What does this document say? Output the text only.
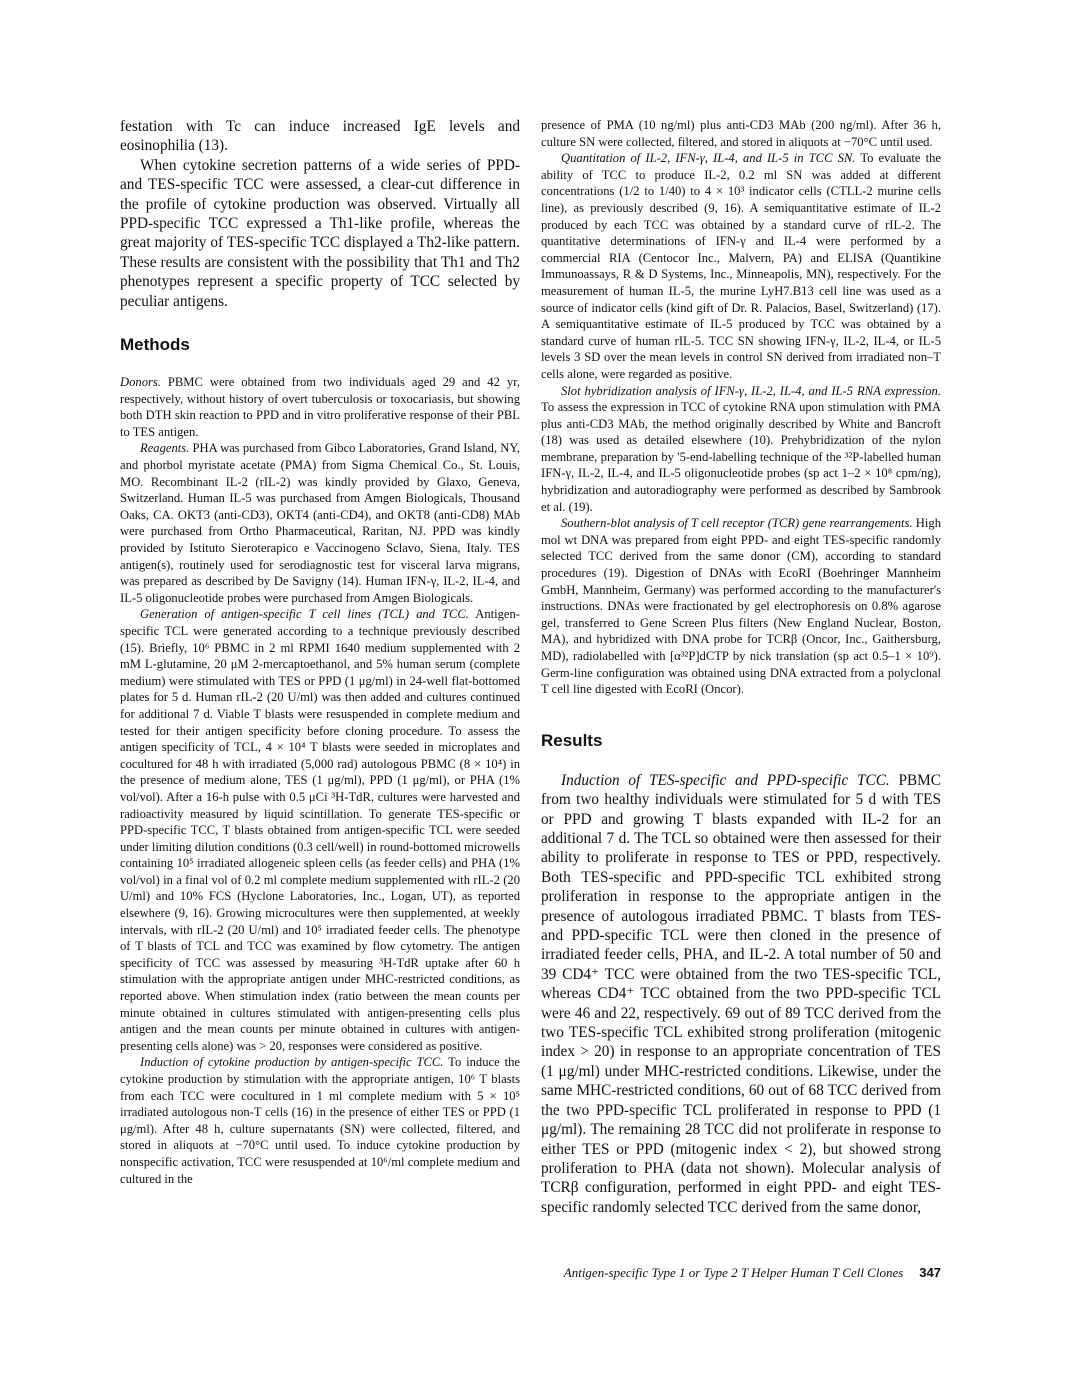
festation with Tc can induce increased IgE levels and eosinophilia (13).

When cytokine secretion patterns of a wide series of PPD- and TES-specific TCC were assessed, a clear-cut difference in the profile of cytokine production was observed. Virtually all PPD-specific TCC expressed a Th1-like profile, whereas the great majority of TES-specific TCC displayed a Th2-like pattern. These results are consistent with the possibility that Th1 and Th2 phenotypes represent a specific property of TCC selected by peculiar antigens.

Methods

Donors. PBMC were obtained from two individuals aged 29 and 42 yr, respectively, without history of overt tuberculosis or toxocariasis, but showing both DTH skin reaction to PPD and in vitro proliferative response of their PBL to TES antigen.

Reagents. PHA was purchased from Gibco Laboratories, Grand Island, NY, and phorbol myristate acetate (PMA) from Sigma Chemical Co., St. Louis, MO. Recombinant IL-2 (rIL-2) was kindly provided by Glaxo, Geneva, Switzerland. Human IL-5 was purchased from Amgen Biologicals, Thousand Oaks, CA. OKT3 (anti-CD3), OKT4 (anti-CD4), and OKT8 (anti-CD8) MAb were purchased from Ortho Pharmaceutical, Raritan, NJ. PPD was kindly provided by Istituto Sieroterapico e Vaccinogeno Sclavo, Siena, Italy. TES antigen(s), routinely used for serodiagnostic test for visceral larva migrans, was prepared as described by De Savigny (14). Human IFN-γ, IL-2, IL-4, and IL-5 oligonucleotide probes were purchased from Amgen Biologicals.

Generation of antigen-specific T cell lines (TCL) and TCC. Antigen-specific TCL were generated according to a technique previously described (15). Briefly, 10⁶ PBMC in 2 ml RPMI 1640 medium supplemented with 2 mM L-glutamine, 20 μM 2-mercaptoethanol, and 5% human serum (complete medium) were stimulated with TES or PPD (1 μg/ml) in 24-well flat-bottomed plates for 5 d. Human rIL-2 (20 U/ml) was then added and cultures continued for additional 7 d. Viable T blasts were resuspended in complete medium and tested for their antigen specificity before cloning procedure. To assess the antigen specificity of TCL, 4 × 10⁴ T blasts were seeded in microplates and cocultured for 48 h with irradiated (5,000 rad) autologous PBMC (8 × 10⁴) in the presence of medium alone, TES (1 μg/ml), PPD (1 μg/ml), or PHA (1% vol/vol). After a 16-h pulse with 0.5 μCi ³H-TdR, cultures were harvested and radioactivity measured by liquid scintillation. To generate TES-specific or PPD-specific TCC, T blasts obtained from antigen-specific TCL were seeded under limiting dilution conditions (0.3 cell/well) in round-bottomed microwells containing 10⁵ irradiated allogeneic spleen cells (as feeder cells) and PHA (1% vol/vol) in a final vol of 0.2 ml complete medium supplemented with rIL-2 (20 U/ml) and 10% FCS (Hyclone Laboratories, Inc., Logan, UT), as reported elsewhere (9, 16). Growing microcultures were then supplemented, at weekly intervals, with rIL-2 (20 U/ml) and 10⁵ irradiated feeder cells. The phenotype of T blasts of TCL and TCC was examined by flow cytometry. The antigen specificity of TCC was assessed by measuring ³H-TdR uptake after 60 h stimulation with the appropriate antigen under MHC-restricted conditions, as reported above. When stimulation index (ratio between the mean counts per minute obtained in cultures stimulated with antigen-presenting cells plus antigen and the mean counts per minute obtained in cultures with antigen-presenting cells alone) was > 20, responses were considered as positive.

Induction of cytokine production by antigen-specific TCC. To induce the cytokine production by stimulation with the appropriate antigen, 10⁶ T blasts from each TCC were cocultured in 1 ml complete medium with 5 × 10⁵ irradiated autologous non-T cells (16) in the presence of either TES or PPD (1 μg/ml). After 48 h, culture supernatants (SN) were collected, filtered, and stored in aliquots at −70°C until used. To induce cytokine production by nonspecific activation, TCC were resuspended at 10⁶/ml complete medium and cultured in the

presence of PMA (10 ng/ml) plus anti-CD3 MAb (200 ng/ml). After 36 h, culture SN were collected, filtered, and stored in aliquots at −70°C until used.

Quantitation of IL-2, IFN-γ, IL-4, and IL-5 in TCC SN. To evaluate the ability of TCC to produce IL-2, 0.2 ml SN was added at different concentrations (1/2 to 1/40) to 4 × 10³ indicator cells (CTLL-2 murine cells line), as previously described (9, 16). A semiquantitative estimate of IL-2 produced by each TCC was obtained by a standard curve of rIL-2. The quantitative determinations of IFN-γ and IL-4 were performed by a commercial RIA (Centocor Inc., Malvern, PA) and ELISA (Quantikine Immunoassays, R & D Systems, Inc., Minneapolis, MN), respectively. For the measurement of human IL-5, the murine LyH7.B13 cell line was used as a source of indicator cells (kind gift of Dr. R. Palacios, Basel, Switzerland) (17). A semiquantitative estimate of IL-5 produced by TCC was obtained by a standard curve of human rIL-5. TCC SN showing IFN-γ, IL-2, IL-4, or IL-5 levels 3 SD over the mean levels in control SN derived from irradiated non–T cells alone, were regarded as positive.

Slot hybridization analysis of IFN-γ, IL-2, IL-4, and IL-5 RNA expression. To assess the expression in TCC of cytokine RNA upon stimulation with PMA plus anti-CD3 MAb, the method originally described by White and Bancroft (18) was used as detailed elsewhere (10). Prehybridization of the nylon membrane, preparation by '5-end-labelling technique of the ³²P-labelled human IFN-γ, IL-2, IL-4, and IL-5 oligonucleotide probes (sp act 1–2 × 10⁸ cpm/ng), hybridization and autoradiography were performed as described by Sambrook et al. (19).

Southern-blot analysis of T cell receptor (TCR) gene rearrangements. High mol wt DNA was prepared from eight PPD- and eight TES-specific randomly selected TCC derived from the same donor (CM), according to standard procedures (19). Digestion of DNAs with EcoRI (Boehringer Mannheim GmbH, Mannheim, Germany) was performed according to the manufacturer's instructions. DNAs were fractionated by gel electrophoresis on 0.8% agarose gel, transferred to Gene Screen Plus filters (New England Nuclear, Boston, MA), and hybridized with DNA probe for TCRβ (Oncor, Inc., Gaithersburg, MD), radiolabelled with [α³²P]dCTP by nick translation (sp act 0.5–1 × 10⁹). Germ-line configuration was obtained using DNA extracted from a polyclonal T cell line digested with EcoRI (Oncor).

Results

Induction of TES-specific and PPD-specific TCC. PBMC from two healthy individuals were stimulated for 5 d with TES or PPD and growing T blasts expanded with IL-2 for an additional 7 d. The TCL so obtained were then assessed for their ability to proliferate in response to TES or PPD, respectively. Both TES-specific and PPD-specific TCL exhibited strong proliferation in response to the appropriate antigen in the presence of autologous irradiated PBMC. T blasts from TES- and PPD-specific TCL were then cloned in the presence of irradiated feeder cells, PHA, and IL-2. A total number of 50 and 39 CD4⁺ TCC were obtained from the two TES-specific TCL, whereas CD4⁺ TCC obtained from the two PPD-specific TCL were 46 and 22, respectively. 69 out of 89 TCC derived from the two TES-specific TCL exhibited strong proliferation (mitogenic index > 20) in response to an appropriate concentration of TES (1 μg/ml) under MHC-restricted conditions. Likewise, under the same MHC-restricted conditions, 60 out of 68 TCC derived from the two PPD-specific TCL proliferated in response to PPD (1 μg/ml). The remaining 28 TCC did not proliferate in response to either TES or PPD (mitogenic index < 2), but showed strong proliferation to PHA (data not shown). Molecular analysis of TCRβ configuration, performed in eight PPD- and eight TES-specific randomly selected TCC derived from the same donor,

Antigen-specific Type 1 or Type 2 T Helper Human T Cell Clones 347
